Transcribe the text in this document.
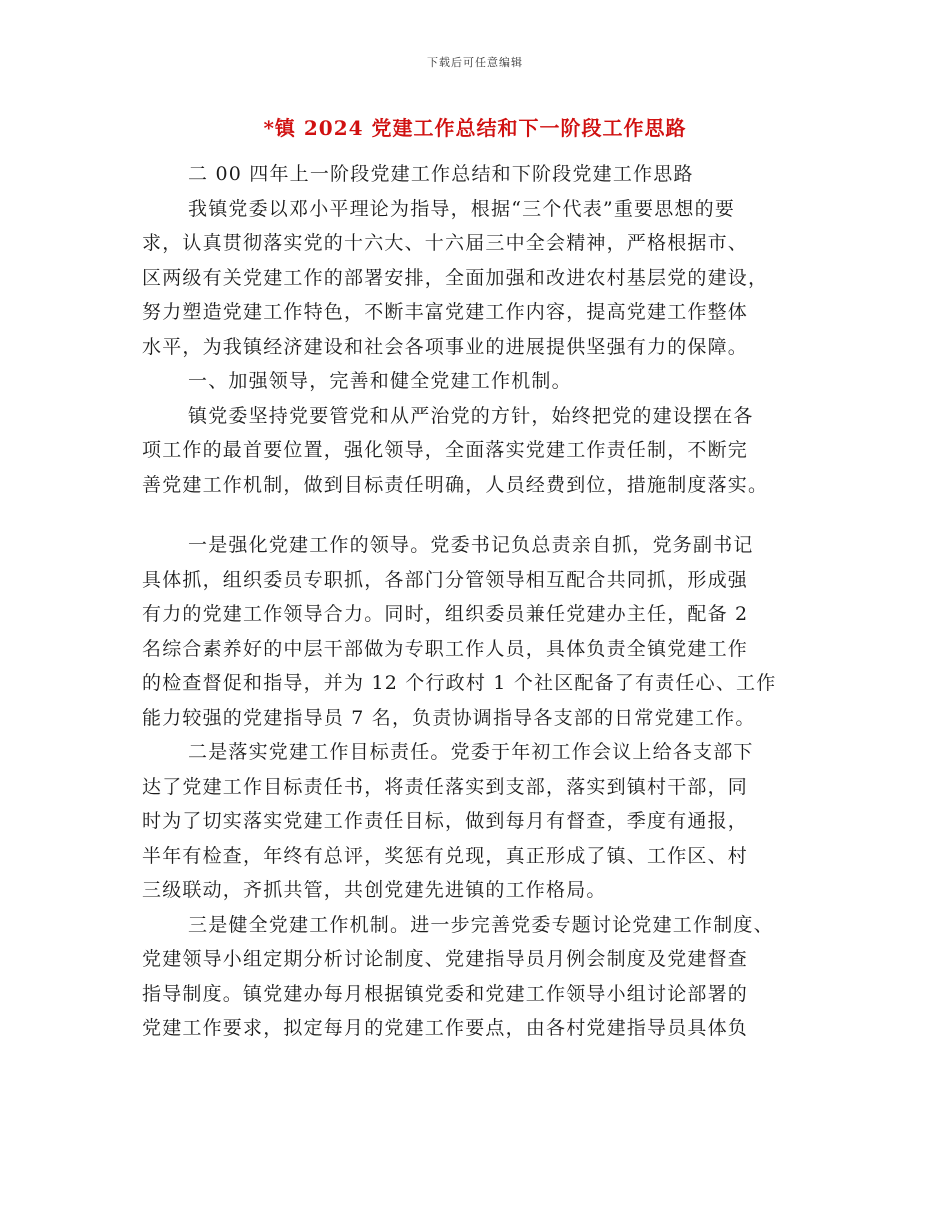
下载后可任意编辑
*镇 2024 党建工作总结和下一阶段工作思路
二 00 四年上一阶段党建工作总结和下阶段党建工作思路
我镇党委以邓小平理论为指导，根据“三个代表”重要思想的要
求，认真贯彻落实党的十六大、十六届三中全会精神，严格根据市、
区两级有关党建工作的部署安排，全面加强和改进农村基层党的建设，
努力塑造党建工作特色，不断丰富党建工作内容，提高党建工作整体
水平，为我镇经济建设和社会各项事业的进展提供坚强有力的保障。
一、加强领导，完善和健全党建工作机制。
镇党委坚持党要管党和从严治党的方针，始终把党的建设摆在各
项工作的最首要位置，强化领导，全面落实党建工作责任制，不断完
善党建工作机制，做到目标责任明确，人员经费到位，措施制度落实。
一是强化党建工作的领导。党委书记负总责亲自抓，党务副书记
具体抓，组织委员专职抓，各部门分管领导相互配合共同抓，形成强
有力的党建工作领导合力。同时，组织委员兼任党建办主任，配备 2
名综合素养好的中层干部做为专职工作人员，具体负责全镇党建工作
的检查督促和指导，并为 12 个行政村 1 个社区配备了有责任心、工作
能力较强的党建指导员 7 名，负责协调指导各支部的日常党建工作。
二是落实党建工作目标责任。党委于年初工作会议上给各支部下
达了党建工作目标责任书，将责任落实到支部，落实到镇村干部，同
时为了切实落实党建工作责任目标，做到每月有督查，季度有通报，
半年有检查，年终有总评，奖惩有兑现，真正形成了镇、工作区、村
三级联动，齐抓共管，共创党建先进镇的工作格局。
三是健全党建工作机制。进一步完善党委专题讨论党建工作制度、
党建领导小组定期分析讨论制度、党建指导员月例会制度及党建督查
指导制度。镇党建办每月根据镇党委和党建工作领导小组讨论部署的
党建工作要求，拟定每月的党建工作要点，由各村党建指导员具体负
